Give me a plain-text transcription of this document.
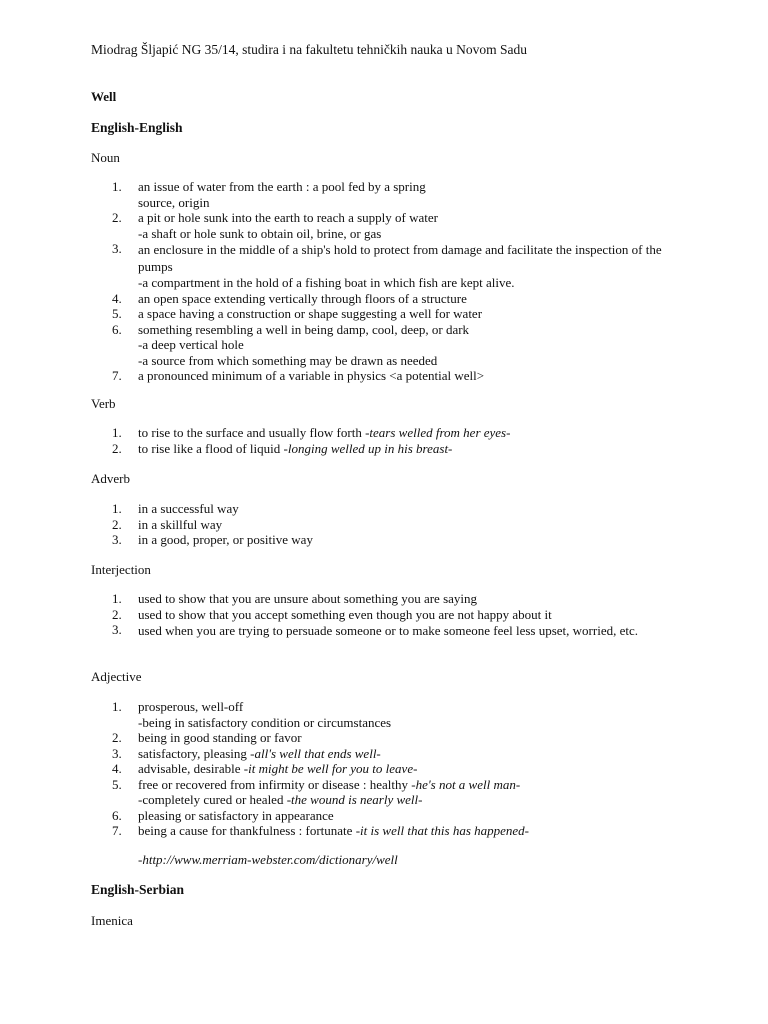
Miodrag Šljapić NG 35/14, studira i na fakultetu tehničkih nauka u Novom Sadu
Well
English-English
Noun
1. an issue of water from the earth : a pool fed by a spring
source, origin
2. a pit or hole sunk into the earth to reach a supply of water
-a shaft or hole sunk to obtain oil, brine, or gas
3. an enclosure in the middle of a ship's hold to protect from damage and facilitate the inspection of the pumps
-a compartment in the hold of a fishing boat in which fish are kept alive.
4. an open space extending vertically through floors of a structure
5. a space having a construction or shape suggesting a well for water
6. something resembling a well in being damp, cool, deep, or dark
-a deep vertical hole
-a source from which something may be drawn as needed
7. a pronounced minimum of a variable in physics <a potential well>
Verb
1. to rise to the surface and usually flow forth -tears welled from her eyes-
2. to rise like a flood of liquid -longing welled up in his breast-
Adverb
1. in a successful way
2. in a skillful way
3. in a good, proper, or positive way
Interjection
1. used to show that you are unsure about something you are saying
2. used to show that you accept something even though you are not happy about it
3. used when you are trying to persuade someone or to make someone feel less upset, worried, etc.
Adjective
1. prosperous, well-off
-being in satisfactory condition or circumstances
2. being in good standing or favor
3. satisfactory, pleasing -all's well that ends well-
4. advisable, desirable -it might be well for you to leave-
5. free or recovered from infirmity or disease : healthy -he's not a well man-
-completely cured or healed -the wound is nearly well-
6. pleasing or satisfactory in appearance
7. being a cause for thankfulness : fortunate -it is well that this has happened-
-http://www.merriam-webster.com/dictionary/well
English-Serbian
Imenica
